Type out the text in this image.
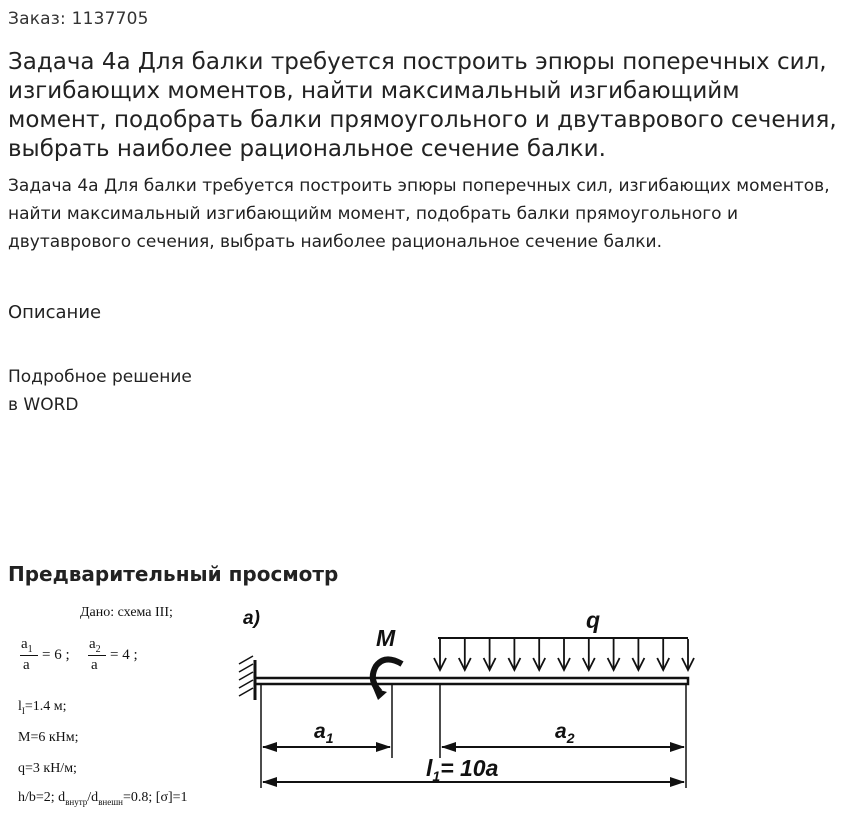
Заказ: 1137705
Задача 4а Для балки требуется построить эпюры поперечных сил, изгибающих моментов, найти максимальный изгибающийм момент, подобрать балки прямоугольного и двутаврового сечения, выбрать наиболее рациональное сечение балки.

Задача 4а Для балки требуется построить эпюры поперечных сил, изгибающих моментов, найти максимальный изгибающийм момент, подобрать балки прямоугольного и двутаврового сечения, выбрать наиболее рациональное сечение балки.

Описание
Подробное решение
в WORD
Предварительный просмотр
Дано: схема III;
$a_1$
a
= 6 ;
$a_2$
a
= 4 ;
$l_I=1.4$ м;
M=6 кНм;
q=3 кН/м;
h/b=2; $d_{внутр}/d_{внешн}=0.8$; [σ]=1
a)
M
q
$a_1$	$a_2$
$l_1= 10a$
